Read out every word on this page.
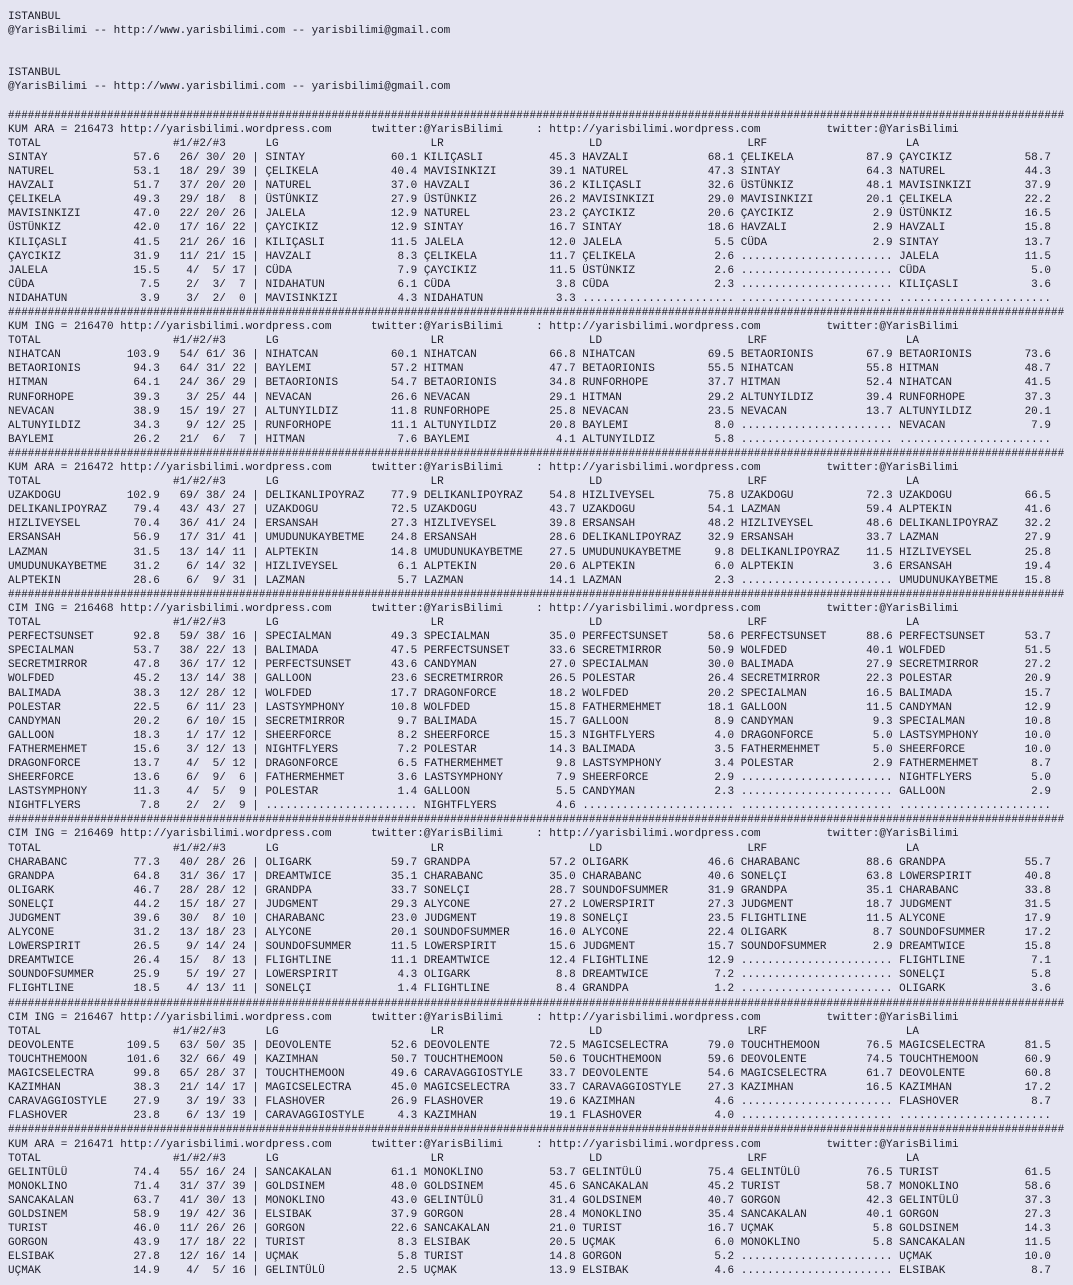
ISTANBUL
@YarisBilimi -- http://www.yarisbilimi.com -- yarisbilimi@gmail.com
ISTANBUL
@YarisBilimi -- http://www.yarisbilimi.com -- yarisbilimi@gmail.com
################################################################################################################################################################
KUM ARA = 216473 http://yarisbilimi.wordpress.com      twitter:@YarisBilimi     : http://yarisbilimi.wordpress.com          twitter:@YarisBilimi
TOTAL                    #1/#2/#3      LG                       LR                      LD                      LRF                     LA
SINTAY             57.6   26/ 30/ 20 | SINTAY             60.1 KILIÇASLI          45.3 HAVZALI            68.1 ÇELIKELA           87.9 ÇAYCIKIZ           58.7
NATUREL            53.1   18/ 29/ 39 | ÇELIKELA           40.4 MAVISINKIZI        39.1 NATUREL            47.3 SINTAY             64.3 NATUREL            44.3
HAVZALI            51.7   37/ 20/ 20 | NATUREL            37.0 HAVZALI            36.2 KILIÇASLI          32.6 ÜSTÜNKIZ           48.1 MAVISINKIZI        37.9
ÇELIKELA           49.3   29/ 18/  8 | ÜSTÜNKIZ           27.9 ÜSTÜNKIZ           26.2 MAVISINKIZI        29.0 MAVISINKIZI        20.1 ÇELIKELA           22.2
MAVISINKIZI        47.0   22/ 20/ 26 | JALELA             12.9 NATUREL            23.2 ÇAYCIKIZ           20.6 ÇAYCIKIZ            2.9 ÜSTÜNKIZ           16.5
ÜSTÜNKIZ           42.0   17/ 16/ 22 | ÇAYCIKIZ           12.9 SINTAY             16.7 SINTAY             18.6 HAVZALI             2.9 HAVZALI            15.8
KILIÇASLI          41.5   21/ 26/ 16 | KILIÇASLI          11.5 JALELA             12.0 JALELA              5.5 CÜDA                2.9 SINTAY             13.7
ÇAYCIKIZ           31.9   11/ 21/ 15 | HAVZALI             8.3 ÇELIKELA           11.7 ÇELIKELA            2.6 ....................... JALELA             11.5
JALELA             15.5    4/  5/ 17 | CÜDA                7.9 ÇAYCIKIZ           11.5 ÜSTÜNKIZ            2.6 ....................... CÜDA                5.0
CÜDA                7.5    2/  3/  7 | NIDAHATUN           6.1 CÜDA                3.8 CÜDA                2.3 ....................... KILIÇASLI           3.6
NIDAHATUN           3.9    3/  2/  0 | MAVISINKIZI         4.3 NIDAHATUN           3.3 ....................... ....................... .......................
################################################################################################################################################################
KUM ING = 216470 http://yarisbilimi.wordpress.com      twitter:@YarisBilimi     : http://yarisbilimi.wordpress.com          twitter:@YarisBilimi
TOTAL                    #1/#2/#3      LG                       LR                      LD                      LRF                     LA
NIHATCAN          103.9   54/ 61/ 36 | NIHATCAN           60.1 NIHATCAN           66.8 NIHATCAN           69.5 BETAORIONIS        67.9 BETAORIONIS        73.6
BETAORIONIS        94.3   64/ 31/ 22 | BAYLEMI            57.2 HITMAN             47.7 BETAORIONIS        55.5 NIHATCAN           55.8 HITMAN             48.7
HITMAN             64.1   24/ 36/ 29 | BETAORIONIS        54.7 BETAORIONIS        34.8 RUNFORHOPE         37.7 HITMAN             52.4 NIHATCAN           41.5
RUNFORHOPE         39.3    3/ 25/ 44 | NEVACAN            26.6 NEVACAN            29.1 HITMAN             29.2 ALTUNYILDIZ        39.4 RUNFORHOPE         37.3
NEVACAN            38.9   15/ 19/ 27 | ALTUNYILDIZ        11.8 RUNFORHOPE         25.8 NEVACAN            23.5 NEVACAN            13.7 ALTUNYILDIZ        20.1
ALTUNYILDIZ        34.3    9/ 12/ 25 | RUNFORHOPE         11.1 ALTUNYILDIZ        20.8 BAYLEMI             8.0 ....................... NEVACAN             7.9
BAYLEMI            26.2   21/  6/  7 | HITMAN              7.6 BAYLEMI             4.1 ALTUNYILDIZ         5.8 ....................... .......................
################################################################################################################################################################
KUM ARA = 216472 http://yarisbilimi.wordpress.com      twitter:@YarisBilimi     : http://yarisbilimi.wordpress.com          twitter:@YarisBilimi
TOTAL                    #1/#2/#3      LG                       LR                      LD                      LRF                     LA
UZAKDOGU          102.9   69/ 38/ 24 | DELIKANLIPOYRAZ    77.9 DELIKANLIPOYRAZ    54.8 HIZLIVEYSEL        75.8 UZAKDOGU           72.3 UZAKDOGU           66.5
DELIKANLIPOYRAZ    79.4   43/ 43/ 27 | UZAKDOGU           72.5 UZAKDOGU           43.7 UZAKDOGU           54.1 LAZMAN             59.4 ALPTEKIN           41.6
HIZLIVEYSEL        70.4   36/ 41/ 24 | ERSANSAH           27.3 HIZLIVEYSEL        39.8 ERSANSAH           48.2 HIZLIVEYSEL        48.6 DELIKANLIPOYRAZ    32.2
ERSANSAH           56.9   17/ 31/ 41 | UMUDUNUKAYBETME    24.8 ERSANSAH           28.6 DELIKANLIPOYRAZ    32.9 ERSANSAH           33.7 LAZMAN             27.9
LAZMAN             31.5   13/ 14/ 11 | ALPTEKIN           14.8 UMUDUNUKAYBETME    27.5 UMUDUNUKAYBETME     9.8 DELIKANLIPOYRAZ    11.5 HIZLIVEYSEL        25.8
UMUDUNUKAYBETME    31.2    6/ 14/ 32 | HIZLIVEYSEL         6.1 ALPTEKIN           20.6 ALPTEKIN            6.0 ALPTEKIN            3.6 ERSANSAH           19.4
ALPTEKIN           28.6    6/  9/ 31 | LAZMAN              5.7 LAZMAN             14.1 LAZMAN              2.3 ....................... UMUDUNUKAYBETME    15.8
################################################################################################################################################################
CIM ING = 216468 http://yarisbilimi.wordpress.com      twitter:@YarisBilimi     : http://yarisbilimi.wordpress.com          twitter:@YarisBilimi
TOTAL                    #1/#2/#3      LG                       LR                      LD                      LRF                     LA
PERFECTSUNSET      92.8   59/ 38/ 16 | SPECIALMAN         49.3 SPECIALMAN         35.0 PERFECTSUNSET      58.6 PERFECTSUNSET      88.6 PERFECTSUNSET      53.7
SPECIALMAN         53.7   38/ 22/ 13 | BALIMADA           47.5 PERFECTSUNSET      33.6 SECRETMIRROR       50.9 WOLFDED            40.1 WOLFDED            51.5
SECRETMIRROR       47.8   36/ 17/ 12 | PERFECTSUNSET      43.6 CANDYMAN           27.0 SPECIALMAN         30.0 BALIMADA           27.9 SECRETMIRROR       27.2
WOLFDED            45.2   13/ 14/ 38 | GALLOON            23.6 SECRETMIRROR       26.5 POLESTAR           26.4 SECRETMIRROR       22.3 POLESTAR           20.9
BALIMADA           38.3   12/ 28/ 12 | WOLFDED            17.7 DRAGONFORCE        18.2 WOLFDED            20.2 SPECIALMAN         16.5 BALIMADA           15.7
POLESTAR           22.5    6/ 11/ 23 | LASTSYMPHONY       10.8 WOLFDED            15.8 FATHERMEHMET       18.1 GALLOON            11.5 CANDYMAN           12.9
CANDYMAN           20.2    6/ 10/ 15 | SECRETMIRROR        9.7 BALIMADA           15.7 GALLOON             8.9 CANDYMAN            9.3 SPECIALMAN         10.8
GALLOON            18.3    1/ 17/ 12 | SHEERFORCE          8.2 SHEERFORCE         15.3 NIGHTFLYERS         4.0 DRAGONFORCE         5.0 LASTSYMPHONY       10.0
FATHERMEHMET       15.6    3/ 12/ 13 | NIGHTFLYERS         7.2 POLESTAR           14.3 BALIMADA            3.5 FATHERMEHMET        5.0 SHEERFORCE         10.0
DRAGONFORCE        13.7    4/  5/ 12 | DRAGONFORCE         6.5 FATHERMEHMET        9.8 LASTSYMPHONY        3.4 POLESTAR            2.9 FATHERMEHMET        8.7
SHEERFORCE         13.6    6/  9/  6 | FATHERMEHMET        3.6 LASTSYMPHONY        7.9 SHEERFORCE          2.9 ....................... NIGHTFLYERS         5.0
LASTSYMPHONY       11.3    4/  5/  9 | POLESTAR            1.4 GALLOON             5.5 CANDYMAN            2.3 ....................... GALLOON             2.9
NIGHTFLYERS         7.8    2/  2/  9 | ....................... NIGHTFLYERS         4.6 ....................... ....................... .......................
################################################################################################################################################################
CIM ING = 216469 http://yarisbilimi.wordpress.com      twitter:@YarisBilimi     : http://yarisbilimi.wordpress.com          twitter:@YarisBilimi
TOTAL                    #1/#2/#3      LG                       LR                      LD                      LRF                     LA
CHARABANC          77.3   40/ 28/ 26 | OLIGARK            59.7 GRANDPA            57.2 OLIGARK            46.6 CHARABANC          88.6 GRANDPA            55.7
GRANDPA            64.8   31/ 36/ 17 | DREAMTWICE         35.1 CHARABANC          35.0 CHARABANC          40.6 SONELÇI            63.8 LOWERSPIRIT        40.8
OLIGARK            46.7   28/ 28/ 12 | GRANDPA            33.7 SONELÇI            28.7 SOUNDOFSUMMER      31.9 GRANDPA            35.1 CHARABANC          33.8
SONELÇI            44.2   15/ 18/ 27 | JUDGMENT           29.3 ALYCONE            27.2 LOWERSPIRIT        27.3 JUDGMENT           18.7 JUDGMENT           31.5
JUDGMENT           39.6   30/  8/ 10 | CHARABANC          23.0 JUDGMENT           19.8 SONELÇI            23.5 FLIGHTLINE         11.5 ALYCONE            17.9
ALYCONE            31.2   13/ 18/ 23 | ALYCONE            20.1 SOUNDOFSUMMER      16.0 ALYCONE            22.4 OLIGARK             8.7 SOUNDOFSUMMER      17.2
LOWERSPIRIT        26.5    9/ 14/ 24 | SOUNDOFSUMMER      11.5 LOWERSPIRIT        15.6 JUDGMENT           15.7 SOUNDOFSUMMER       2.9 DREAMTWICE         15.8
DREAMTWICE         26.4   15/  8/ 13 | FLIGHTLINE         11.1 DREAMTWICE         12.4 FLIGHTLINE         12.9 ....................... FLIGHTLINE          7.1
SOUNDOFSUMMER      25.9    5/ 19/ 27 | LOWERSPIRIT         4.3 OLIGARK             8.8 DREAMTWICE          7.2 ....................... SONELÇI             5.8
FLIGHTLINE         18.5    4/ 13/ 11 | SONELÇI             1.4 FLIGHTLINE          8.4 GRANDPA             1.2 ....................... OLIGARK             3.6
################################################################################################################################################################
CIM ING = 216467 http://yarisbilimi.wordpress.com      twitter:@YarisBilimi     : http://yarisbilimi.wordpress.com          twitter:@YarisBilimi
TOTAL                    #1/#2/#3      LG                       LR                      LD                      LRF                     LA
DEOVOLENTE        109.5   63/ 50/ 35 | DEOVOLENTE         52.6 DEOVOLENTE         72.5 MAGICSELECTRA      79.0 TOUCHTHEMOON       76.5 MAGICSELECTRA      81.5
TOUCHTHEMOON      101.6   32/ 66/ 49 | KAZIMHAN           50.7 TOUCHTHEMOON       50.6 TOUCHTHEMOON       59.6 DEOVOLENTE         74.5 TOUCHTHEMOON       60.9
MAGICSELECTRA      99.8   65/ 28/ 37 | TOUCHTHEMOON       49.6 CARAVAGGIOSTYLE    33.7 DEOVOLENTE         54.6 MAGICSELECTRA      61.7 DEOVOLENTE         60.8
KAZIMHAN           38.3   21/ 14/ 17 | MAGICSELECTRA      45.0 MAGICSELECTRA      33.7 CARAVAGGIOSTYLE    27.3 KAZIMHAN           16.5 KAZIMHAN           17.2
CARAVAGGIOSTYLE    27.9    3/ 19/ 33 | FLASHOVER          26.9 FLASHOVER          19.6 KAZIMHAN            4.6 ....................... FLASHOVER           8.7
FLASHOVER          23.8    6/ 13/ 19 | CARAVAGGIOSTYLE     4.3 KAZIMHAN           19.1 FLASHOVER           4.0 ....................... .......................
################################################################################################################################################################
KUM ARA = 216471 http://yarisbilimi.wordpress.com      twitter:@YarisBilimi     : http://yarisbilimi.wordpress.com          twitter:@YarisBilimi
TOTAL                    #1/#2/#3      LG                       LR                      LD                      LRF                     LA
GELINTÜLÜ          74.4   55/ 16/ 24 | SANCAKALAN         61.1 MONOKLINO          53.7 GELINTÜLÜ          75.4 GELINTÜLÜ          76.5 TURIST             61.5
MONOKLINO          71.4   31/ 37/ 39 | GOLDSINEM          48.0 GOLDSINEM          45.6 SANCAKALAN         45.2 TURIST             58.7 MONOKLINO          58.6
SANCAKALAN         63.7   41/ 30/ 13 | MONOKLINO          43.0 GELINTÜLÜ          31.4 GOLDSINEM          40.7 GORGON             42.3 GELINTÜLÜ          37.3
GOLDSINEM          58.9   19/ 42/ 36 | ELSIBAK            37.9 GORGON             28.4 MONOKLINO          35.4 SANCAKALAN         40.1 GORGON             27.3
TURIST             46.0   11/ 26/ 26 | GORGON             22.6 SANCAKALAN         21.0 TURIST             16.7 UÇMAK               5.8 GOLDSINEM          14.3
GORGON             43.9   17/ 18/ 22 | TURIST              8.3 ELSIBAK            20.5 UÇMAK               6.0 MONOKLINO           5.8 SANCAKALAN         11.5
ELSIBAK            27.8   12/ 16/ 14 | UÇMAK               5.8 TURIST             14.8 GORGON              5.2 ....................... UÇMAK              10.0
UÇMAK              14.9    4/  5/ 16 | GELINTÜLÜ           2.5 UÇMAK              13.9 ELSIBAK             4.6 ....................... ELSIBAK             8.7
